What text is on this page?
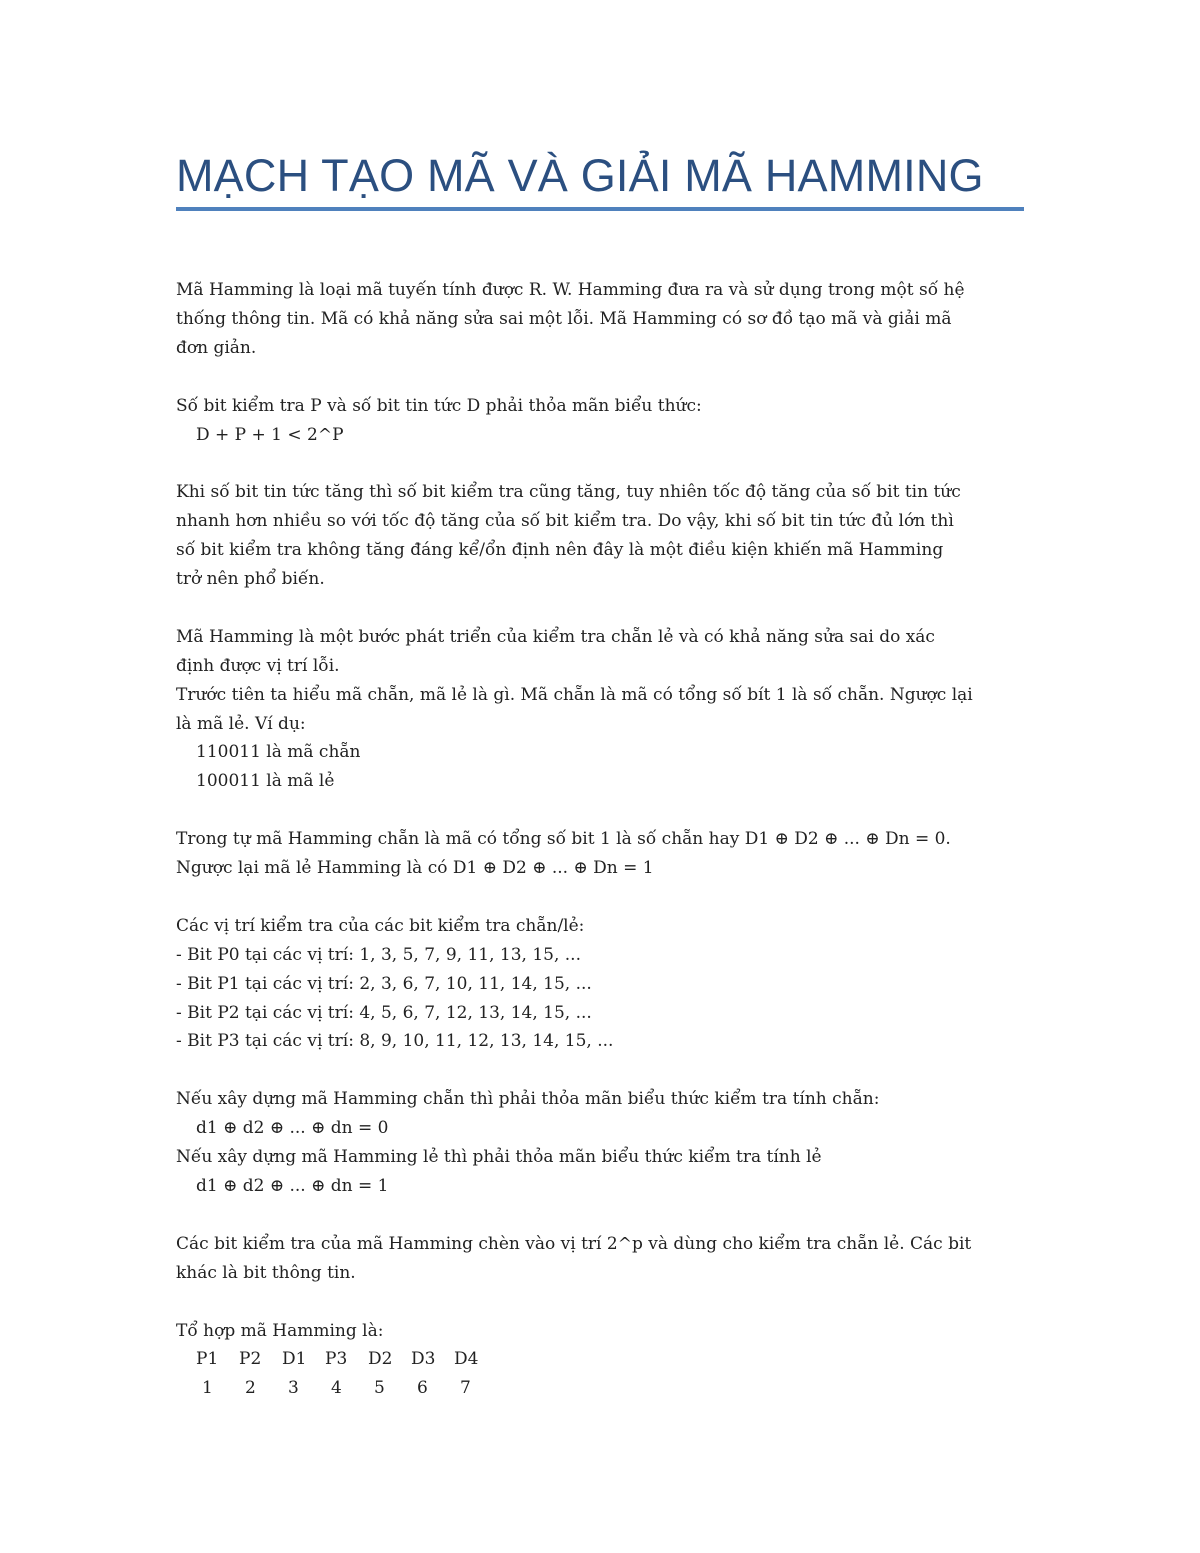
MẠCH TẠO MÃ VÀ GIẢI MÃ HAMMING

Mã Hamming là loại mã tuyến tính được R. W. Hamming đưa ra và sử dụng trong một số hệ

thống thông tin. Mã có khả năng sửa sai một lỗi. Mã Hamming có sơ đồ tạo mã và giải mã

đơn giản.

Số bit kiểm tra P và số bit tin tức D phải thỏa mãn biểu thức:

D + P + 1 < 2^P

Khi số bit tin tức tăng thì số bit kiểm tra cũng tăng, tuy nhiên tốc độ tăng của số bit tin tức

nhanh hơn nhiều so với tốc độ tăng của số bit kiểm tra. Do vậy, khi số bit tin tức đủ lớn thì

số bit kiểm tra không tăng đáng kể/ổn định nên đây là một điều kiện khiến mã Hamming

trở nên phổ biến.

Mã Hamming là một bước phát triển của kiểm tra chẵn lẻ và có khả năng sửa sai do xác

định được vị trí lỗi.

Trước tiên ta hiểu mã chẵn, mã lẻ là gì. Mã chẵn là mã có tổng số bít 1 là số chẵn. Ngược lại

là mã lẻ. Ví dụ:

110011 là mã chẵn

100011 là mã lẻ

Trong tự mã Hamming chẵn là mã có tổng số bit 1 là số chẵn hay D1 ⊕ D2 ⊕ ... ⊕ Dn = 0.

Ngược lại mã lẻ Hamming là có D1 ⊕ D2 ⊕ ... ⊕ Dn = 1

Các vị trí kiểm tra của các bit kiểm tra chẵn/lẻ:

- Bit P0 tại các vị trí: 1, 3, 5, 7, 9, 11, 13, 15, ...

- Bit P1 tại các vị trí: 2, 3, 6, 7, 10, 11, 14, 15, ...

- Bit P2 tại các vị trí: 4, 5, 6, 7, 12, 13, 14, 15, ...

- Bit P3 tại các vị trí: 8, 9, 10, 11, 12, 13, 14, 15, ...

Nếu xây dựng mã Hamming chẵn thì phải thỏa mãn biểu thức kiểm tra tính chẵn:

d1 ⊕ d2 ⊕ ... ⊕ dn = 0

Nếu xây dựng mã Hamming lẻ thì phải thỏa mãn biểu thức kiểm tra tính lẻ

d1 ⊕ d2 ⊕ ... ⊕ dn = 1

Các bit kiểm tra của mã Hamming chèn vào vị trí 2^p và dùng cho kiểm tra chẵn lẻ. Các bit

khác là bit thông tin.

Tổ hợp mã Hamming là:

P1	P2	D1	P3	D2	D3	D4
1	2	3	4	5	6	7
